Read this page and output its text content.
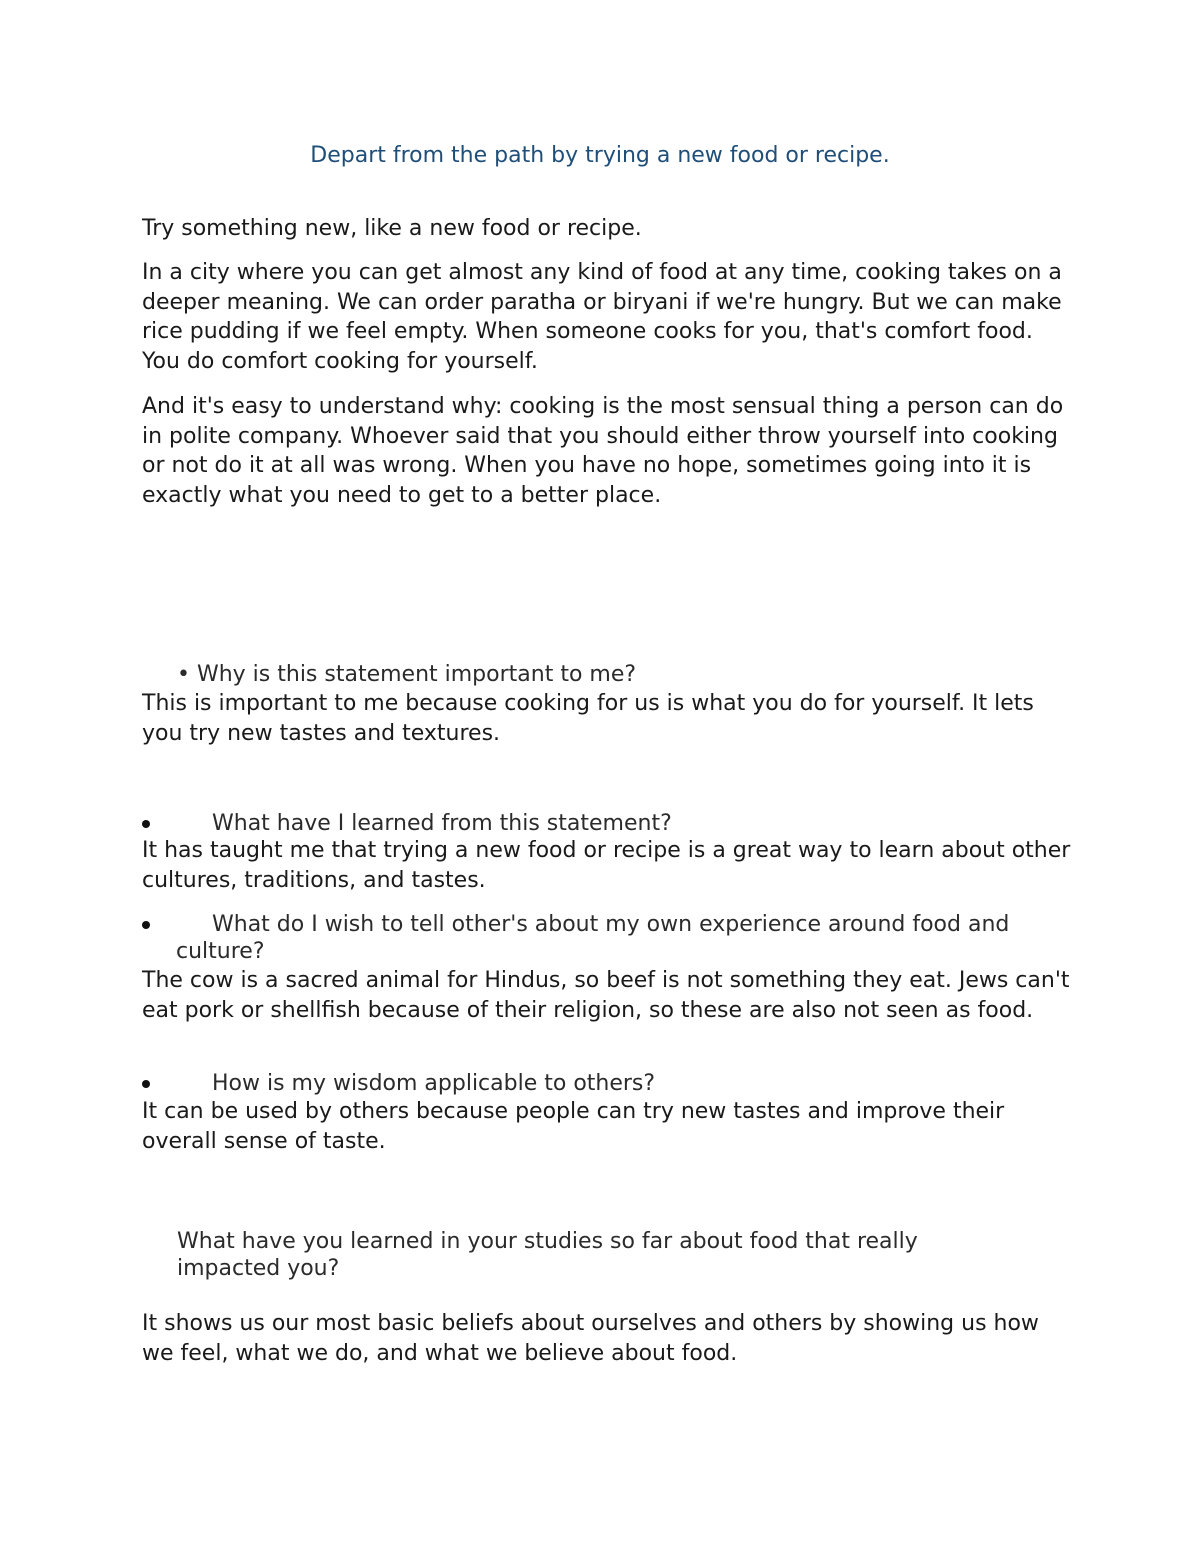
Depart from the path by trying a new food or recipe.

Try something new, like a new food or recipe.

In a city where you can get almost any kind of food at any time, cooking takes on a deeper meaning. We can order paratha or biryani if we're hungry. But we can make rice pudding if we feel empty. When someone cooks for you, that's comfort food. You do comfort cooking for yourself.

And it's easy to understand why: cooking is the most sensual thing a person can do in polite company. Whoever said that you should either throw yourself into cooking or not do it at all was wrong. When you have no hope, sometimes going into it is exactly what you need to get to a better place.

• Why is this statement important to me?

This is important to me because cooking for us is what you do for yourself. It lets you try new tastes and textures.

What have I learned from this statement?

It has taught me that trying a new food or recipe is a great way to learn about other cultures, traditions, and tastes.

What do I wish to tell other's about my own experience around food and culture?

The cow is a sacred animal for Hindus, so beef is not something they eat. Jews can't eat pork or shellfish because of their religion, so these are also not seen as food.

How is my wisdom applicable to others?

It can be used by others because people can try new tastes and improve their overall sense of taste.

What have you learned in your studies so far about food that really impacted you?

It shows us our most basic beliefs about ourselves and others by showing us how we feel, what we do, and what we believe about food.
